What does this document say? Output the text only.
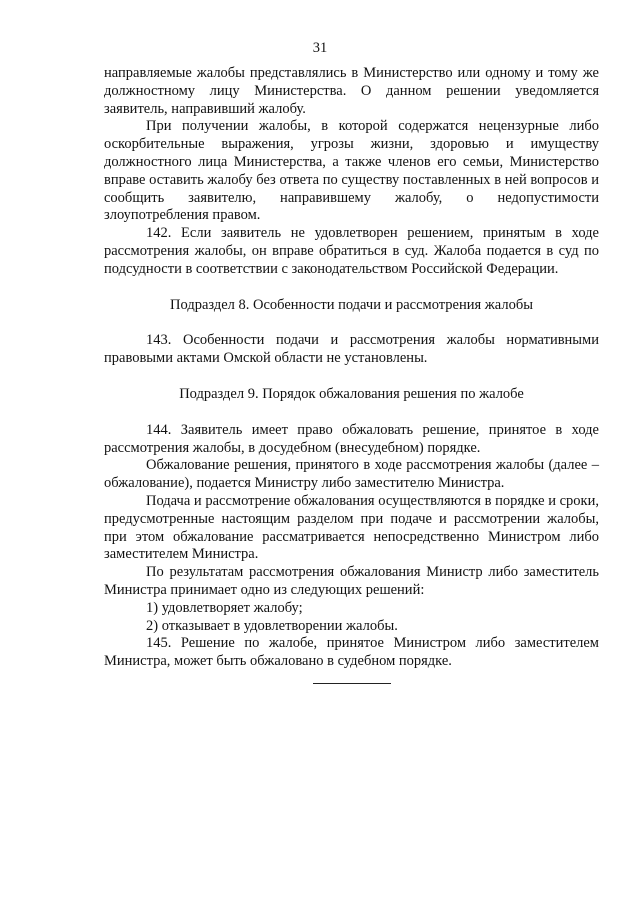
31

направляемые жалобы представлялись в Министерство или одному и тому же должностному лицу Министерства. О данном решении уведомляется заявитель, направивший жалобу.

При получении жалобы, в которой содержатся нецензурные либо оскорбительные выражения, угрозы жизни, здоровью и имуществу должностного лица Министерства, а также членов его семьи, Министерство вправе оставить жалобу без ответа по существу поставленных в ней вопросов и сообщить заявителю, направившему жалобу, о недопустимости злоупотребления правом.

142. Если заявитель не удовлетворен решением, принятым в ходе рассмотрения жалобы, он вправе обратиться в суд. Жалоба подается в суд по подсудности в соответствии с законодательством Российской Федерации.

Подраздел 8. Особенности подачи и рассмотрения жалобы

143. Особенности подачи и рассмотрения жалобы нормативными правовыми актами Омской области не установлены.

Подраздел 9. Порядок обжалования решения по жалобе

144. Заявитель имеет право обжаловать решение, принятое в ходе рассмотрения жалобы, в досудебном (внесудебном) порядке.

Обжалование решения, принятого в ходе рассмотрения жалобы (далее – обжалование), подается Министру либо заместителю Министра.

Подача и рассмотрение обжалования осуществляются в порядке и сроки, предусмотренные настоящим разделом при подаче и рассмотрении жалобы, при этом обжалование рассматривается непосредственно Министром либо заместителем Министра.

По результатам рассмотрения обжалования Министр либо заместитель Министра принимает одно из следующих решений:

1) удовлетворяет жалобу;

2) отказывает в удовлетворении жалобы.

145. Решение по жалобе, принятое Министром либо заместителем Министра, может быть обжаловано в судебном порядке.
